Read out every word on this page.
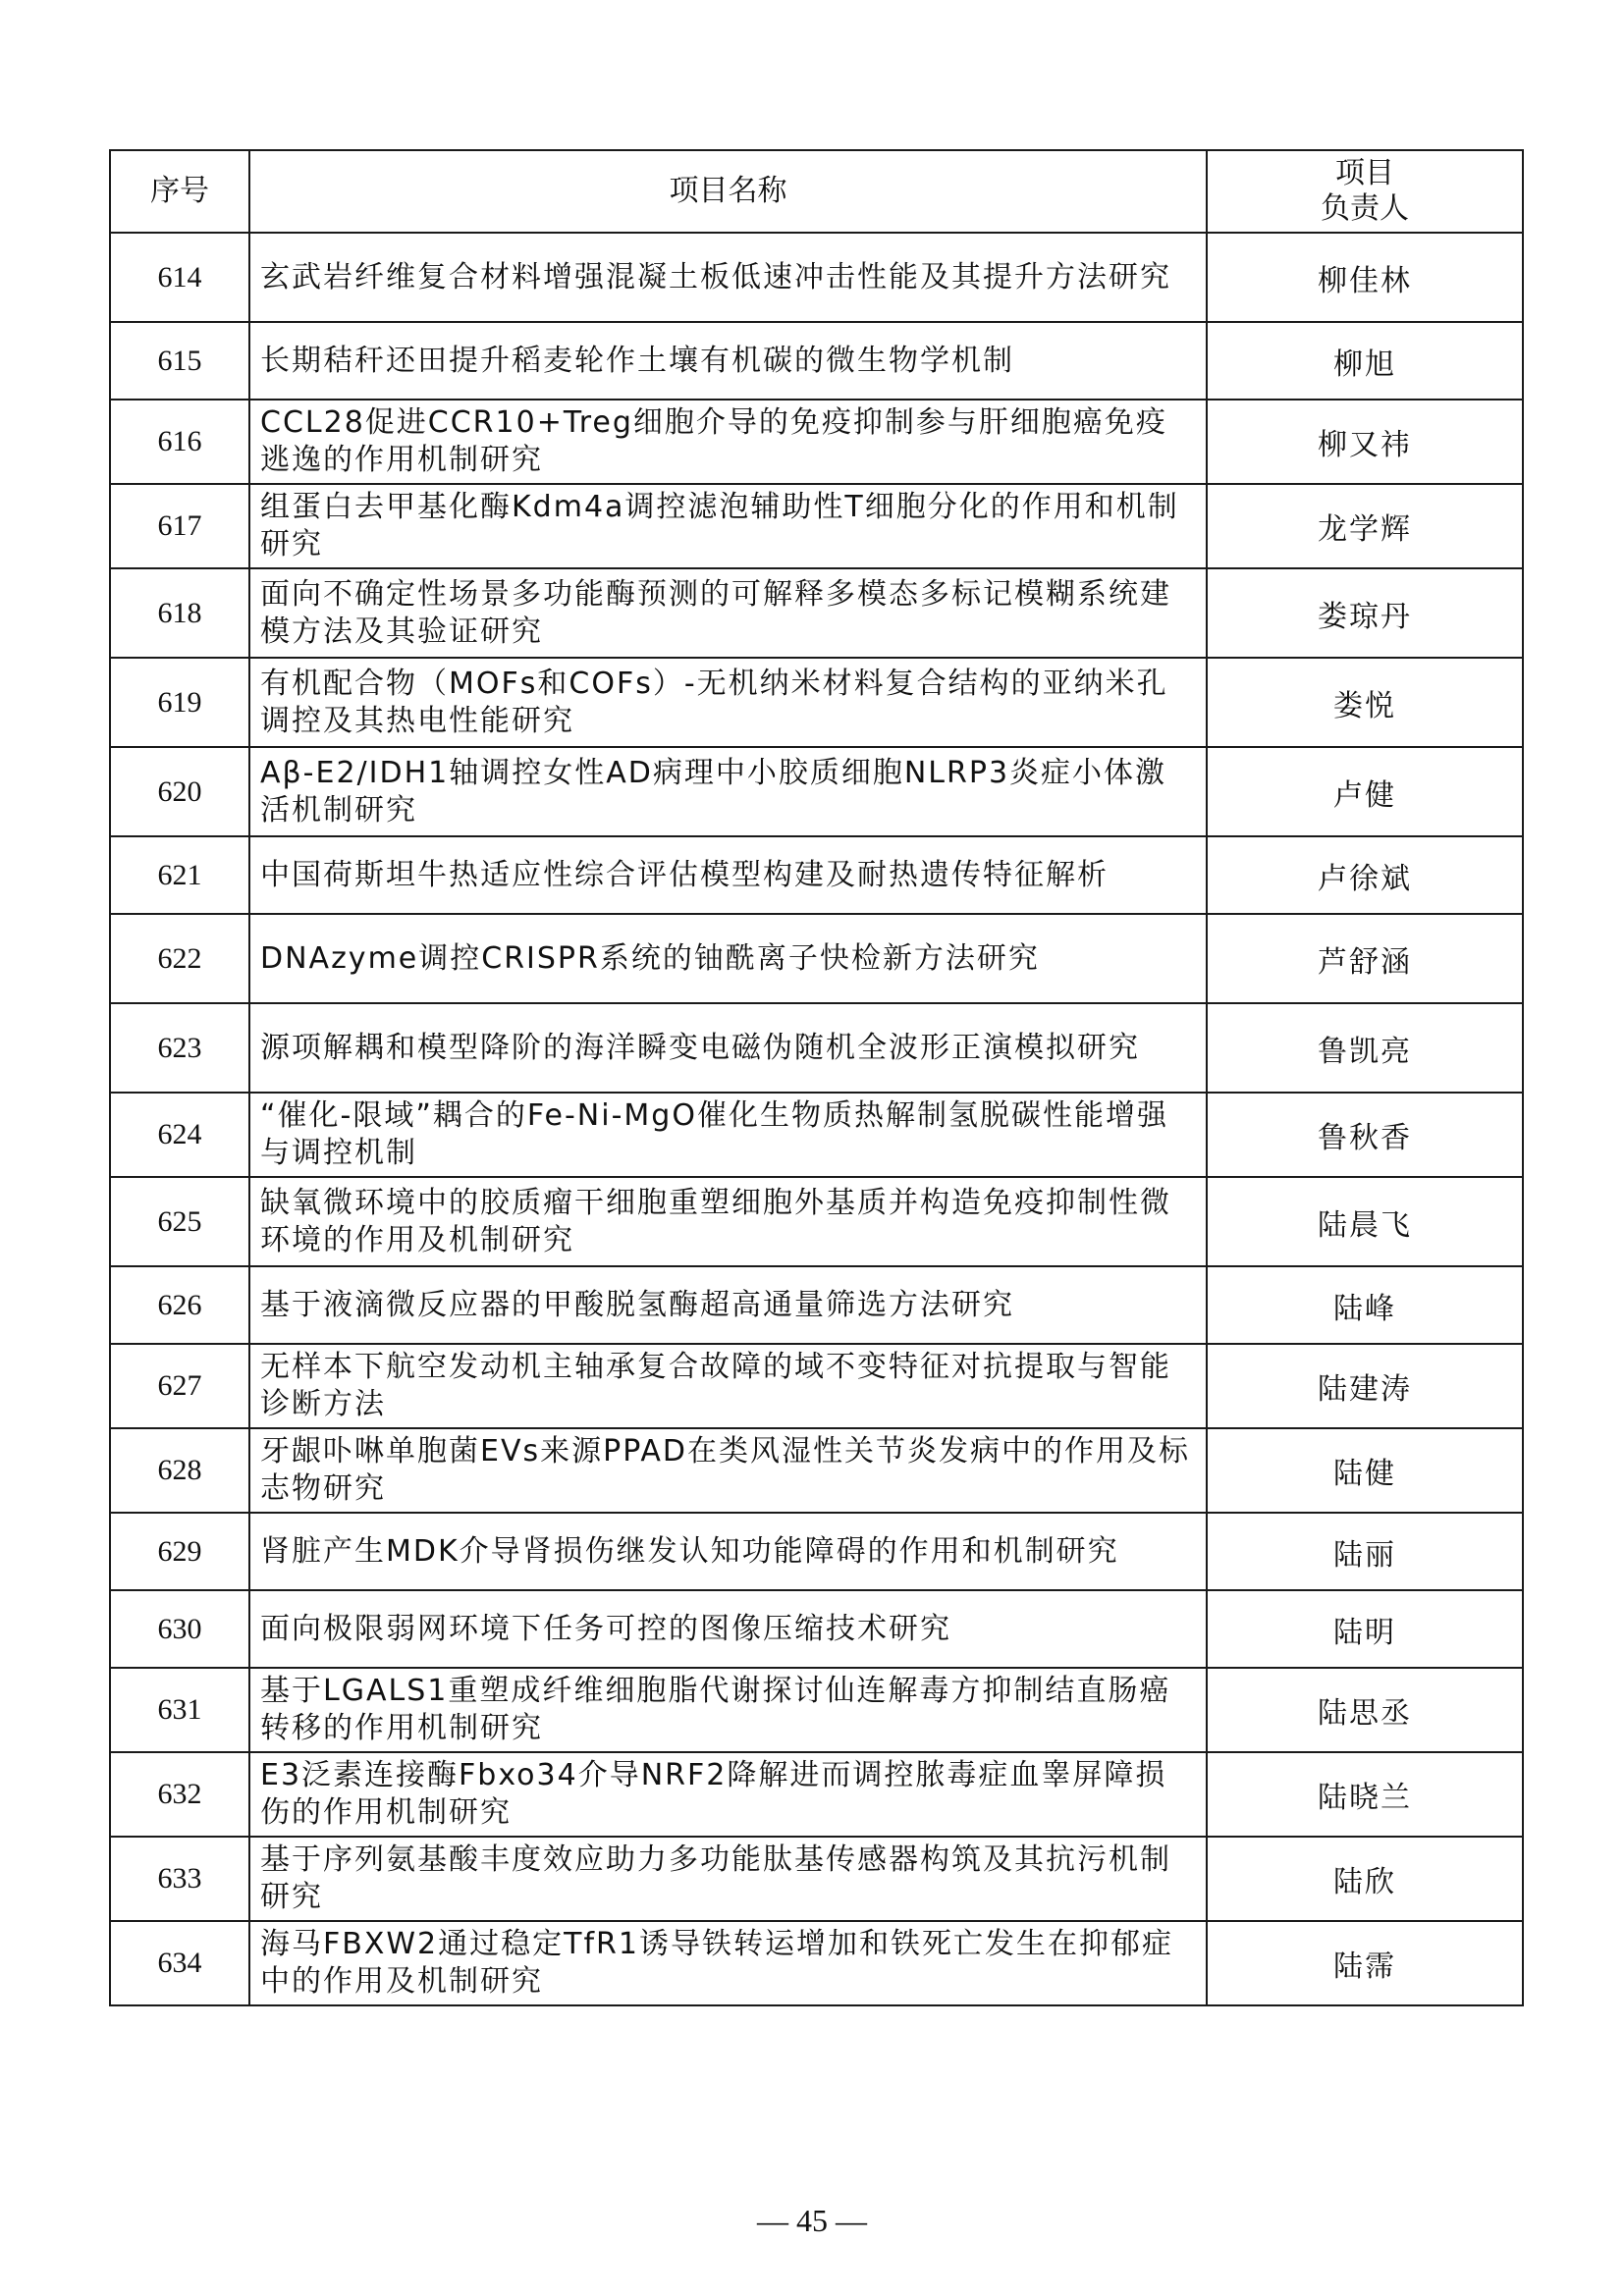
序号	项目名称	项目
负责人

614	玄武岩纤维复合材料增强混凝土板低速冲击性能及其提升方法研究	柳佳林
615	长期秸秆还田提升稻麦轮作土壤有机碳的微生物学机制	柳旭
616	CCL28促进CCR10+Treg细胞介导的免疫抑制参与肝细胞癌免疫逃逸的作用机制研究	柳又祎
617	组蛋白去甲基化酶Kdm4a调控滤泡辅助性T细胞分化的作用和机制研究	龙学辉
618	面向不确定性场景多功能酶预测的可解释多模态多标记模糊系统建模方法及其验证研究	娄琼丹
619	有机配合物（MOFs和COFs）-无机纳米材料复合结构的亚纳米孔调控及其热电性能研究	娄悦
620	Aβ-E2/IDH1轴调控女性AD病理中小胶质细胞NLRP3炎症小体激活机制研究	卢健
621	中国荷斯坦牛热适应性综合评估模型构建及耐热遗传特征解析	卢徐斌
622	DNAzyme调控CRISPR系统的铀酰离子快检新方法研究	芦舒涵
623	源项解耦和模型降阶的海洋瞬变电磁伪随机全波形正演模拟研究	鲁凯亮
624	“催化-限域”耦合的Fe-Ni-MgO催化生物质热解制氢脱碳性能增强与调控机制	鲁秋香
625	缺氧微环境中的胶质瘤干细胞重塑细胞外基质并构造免疫抑制性微环境的作用及机制研究	陆晨飞
626	基于液滴微反应器的甲酸脱氢酶超高通量筛选方法研究	陆峰
627	无样本下航空发动机主轴承复合故障的域不变特征对抗提取与智能诊断方法	陆建涛
628	牙龈卟啉单胞菌EVs来源PPAD在类风湿性关节炎发病中的作用及标志物研究	陆健
629	肾脏产生MDK介导肾损伤继发认知功能障碍的作用和机制研究	陆丽
630	面向极限弱网环境下任务可控的图像压缩技术研究	陆明
631	基于LGALS1重塑成纤维细胞脂代谢探讨仙连解毒方抑制结直肠癌转移的作用机制研究	陆思丞
632	E3泛素连接酶Fbxo34介导NRF2降解进而调控脓毒症血睾屏障损伤的作用机制研究	陆晓兰
633	基于序列氨基酸丰度效应助力多功能肽基传感器构筑及其抗污机制研究	陆欣
634	海马FBXW2通过稳定TfR1诱导铁转运增加和铁死亡发生在抑郁症中的作用及机制研究	陆霈
— 45 —
